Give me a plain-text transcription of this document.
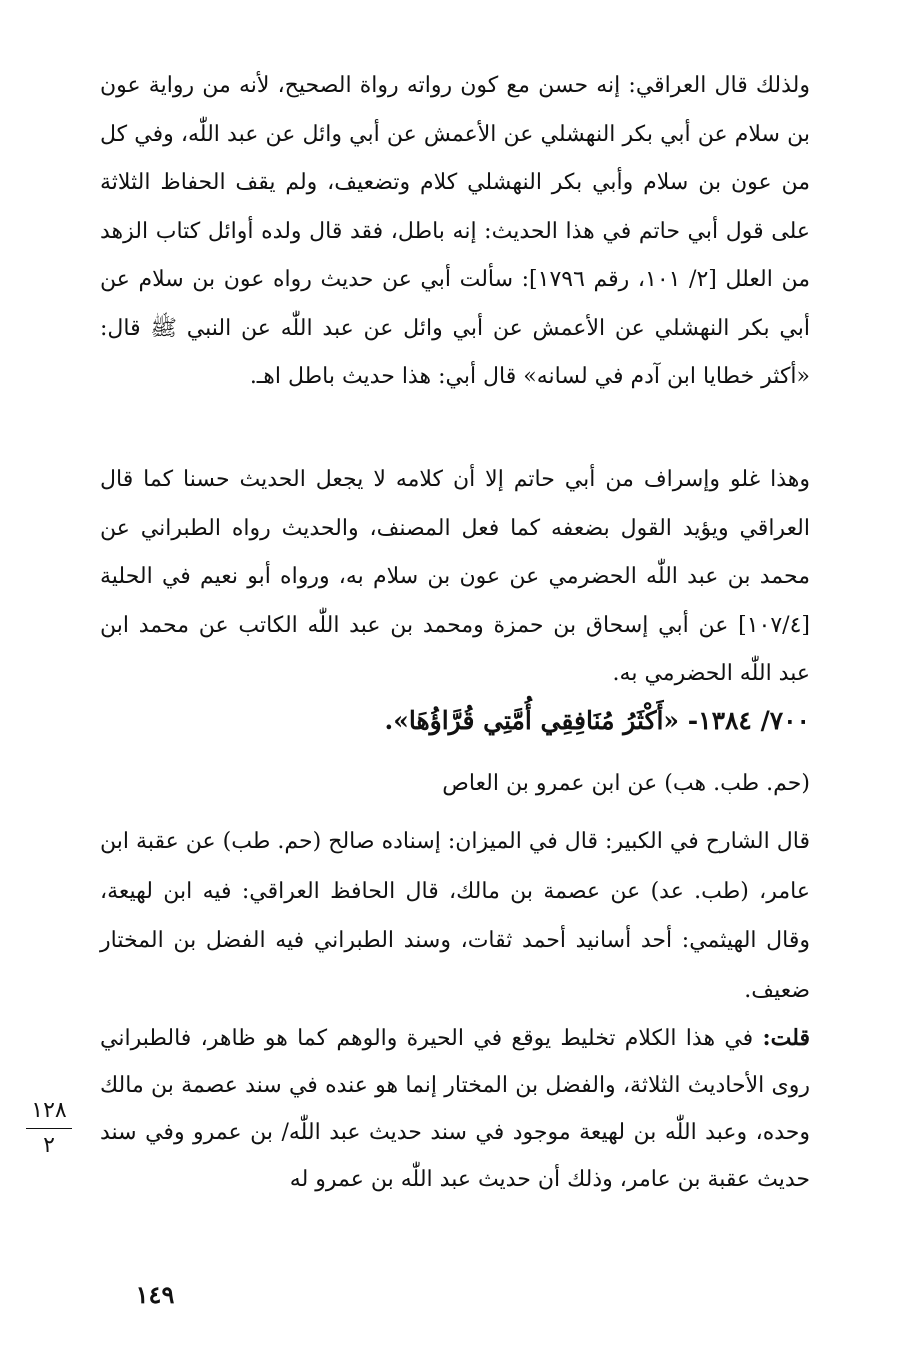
ولذلك قال العراقي: إنه حسن مع كون رواته رواة الصحيح، لأنه من رواية عون بن سلام عن أبي بكر النهشلي عن الأعمش عن أبي وائل عن عبد اللّٰه، وفي كل من عون بن سلام وأبي بكر النهشلي كلام وتضعيف، ولم يقف الحفاظ الثلاثة على قول أبي حاتم في هذا الحديث: إنه باطل، فقد قال ولده أوائل كتاب الزهد من العلل [٢/ ١٠١، رقم ١٧٩٦]: سألت أبي عن حديث رواه عون بن سلام عن أبي بكر النهشلي عن الأعمش عن أبي وائل عن عبد اللّٰه عن النبي ﷺ قال: «أكثر خطايا ابن آدم في لسانه» قال أبي: هذا حديث باطل اهـ.
وهذا غلو وإسراف من أبي حاتم إلا أن كلامه لا يجعل الحديث حسنا كما قال العراقي ويؤيد القول بضعفه كما فعل المصنف، والحديث رواه الطبراني عن محمد بن عبد اللّٰه الحضرمي عن عون بن سلام به، ورواه أبو نعيم في الحلية [١٠٧/٤] عن أبي إسحاق بن حمزة ومحمد بن عبد اللّٰه الكاتب عن محمد ابن عبد اللّٰه الحضرمي به.
٧٠٠/ ١٣٨٤- «أَكْثَرُ مُنَافِقِي أُمَّتِي قُرَّاؤُهَا».
(حم. طب. هب) عن ابن عمرو بن العاص
قال الشارح في الكبير: قال في الميزان: إسناده صالح (حم. طب) عن عقبة ابن عامر، (طب. عد) عن عصمة بن مالك، قال الحافظ العراقي: فيه ابن لهيعة، وقال الهيثمي: أحد أسانيد أحمد ثقات، وسند الطبراني فيه الفضل بن المختار ضعيف.
قلت: في هذا الكلام تخليط يوقع في الحيرة والوهم كما هو ظاهر، فالطبراني روى الأحاديث الثلاثة، والفضل بن المختار إنما هو عنده في سند عصمة بن مالك وحده، وعبد اللّٰه بن لهيعة موجود في سند حديث عبد اللّٰه/ بن عمرو وفي سند حديث عقبة بن عامر، وذلك أن حديث عبد اللّٰه بن عمرو له
١٢٨
٢
١٤٩
